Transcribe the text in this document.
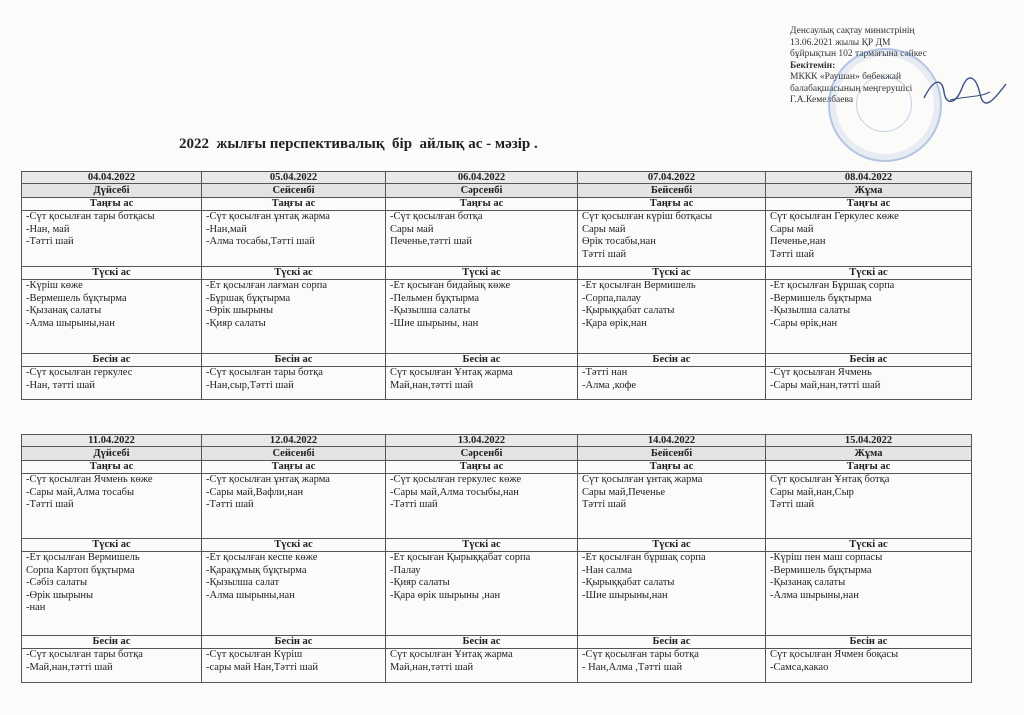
Денсаулық сақтау министрінің
13.06.2021 жылы ҚР ДМ
бұйрықтын 102 тармағына сәйкес
Бекітемін:
МККК «Раушан» бөбекжай
балабақшасының меңгерушісі
Г.А.Кемелбаева
2022  жылғы перспективалық  бір  айлық ас - мәзір .
04.04.2022	05.04.2022	06.04.2022	07.04.2022	08.04.2022
Дүйсебі	Сейсенбі	Сәрсенбі	Бейсенбі	Жұма
Таңғы ас	Таңғы ас	Таңғы ас	Таңғы ас	Таңғы ас

-Сүт қосылған тары ботқасы
-Нан, май
-Тәтті шай	-Сүт қосылған ұнтақ жарма
-Нан,май
-Алма тосабы,Тәтті шай	-Сүт қосылған ботқа
Сары май
Печенье,тәтті шай	Сүт қосылған күріш ботқасы
Сары май
Өрік тосабы,нан
Тәтті шай	Сүт қосылған Геркулес көже
Сары май
Печенье,нан
Тәтті шай

Түскі ас	Түскі ас	Түскі ас	Түскі ас	Түскі ас

-Күріш көже
-Вермешель бұқтырма
-Қызанақ салаты
-Алма шырыны,нан	-Ет қосылған лағман сорпа
-Бұршақ бұқтырма
-Өрік шырыны
-Қияр салаты	-Ет қосыған бидайық көже
-Пельмен бұқтырма
-Қызылша салаты
-Шие шырыны, нан	-Ет қосылған Вермишель
-Сорпа,палау
-Қырыққабат салаты
-Қара өрік,нан	-Ет қосылған Бұршақ сорпа
-Вермишель бұқтырма
-Қызылша салаты
-Сары өрік,нан

Бесін ас	Бесін ас	Бесін ас	Бесін ас	Бесін ас

-Сүт қосылған геркулес
-Нан, тәтті шай	-Сүт қосылған тары ботқа
-Нан,сыр,Тәтті шай	Сүт қосылған Ұнтақ жарма
Май,нан,тәтті шай	-Тәтті нан
-Алма ,кофе	-Сүт қосылған Ячмень
-Сары май,нан,тәтті шай
11.04.2022	12.04.2022	13.04.2022	14.04.2022	15.04.2022
Дүйсебі	Сейсенбі	Сәрсенбі	Бейсенбі	Жұма
Таңғы ас	Таңғы ас	Таңғы ас	Таңғы ас	Таңғы ас

-Сүт қосылған Ячмень көже
-Сары май,Алма тосабы
-Тәтті шай	-Сүт қосылған ұнтақ жарма
-Сары май,Вафли,нан
-Тәтті шай	-Сүт қосылған геркулес көже
-Сары май,Алма тосыбы,нан
-Тәтті шай	Сүт қосылған ұнтақ жарма
Сары май,Печенье
Тәтті шай	Сүт қосылған Ұнтақ ботқа
Сары май,нан,Сыр
Тәтті шай

Түскі ас	Түскі ас	Түскі ас	Түскі ас	Түскі ас

-Ет қосылған Вермишель
Сорпа Картоп бұқтырма
-Сәбіз салаты
-Өрік шырыны
-нан	-Ет қосылған кеспе көже
-Қарақұмық бұқтырма
-Қызылша салат
-Алма шырыны,нан	-Ет қосыған Қырыққабат сорпа
-Палау
-Қияр салаты
-Қара өрік шырыны ,нан	-Ет қосылған бұршақ сорпа
-Нан салма
-Қырыққабат салаты
-Шие шырыны,нан	-Күріш пен маш сорпасы
-Вермишель бұқтырма
-Қызанақ салаты
-Алма шырыны,нан

Бесін ас	Бесін ас	Бесін ас	Бесін ас	Бесін ас

-Сүт қосылған тары ботқа
-Май,нан,тәтті шай	-Сүт қосылған Күріш
-сары май Нан,Тәтті шай	Сүт қосылған Ұнтақ жарма
Май,нан,тәтті шай	-Сүт қосылған тары ботқа
- Нан,Алма ,Тәтті шай	Сүт қосылған Ячмен боқасы
-Самса,какао
